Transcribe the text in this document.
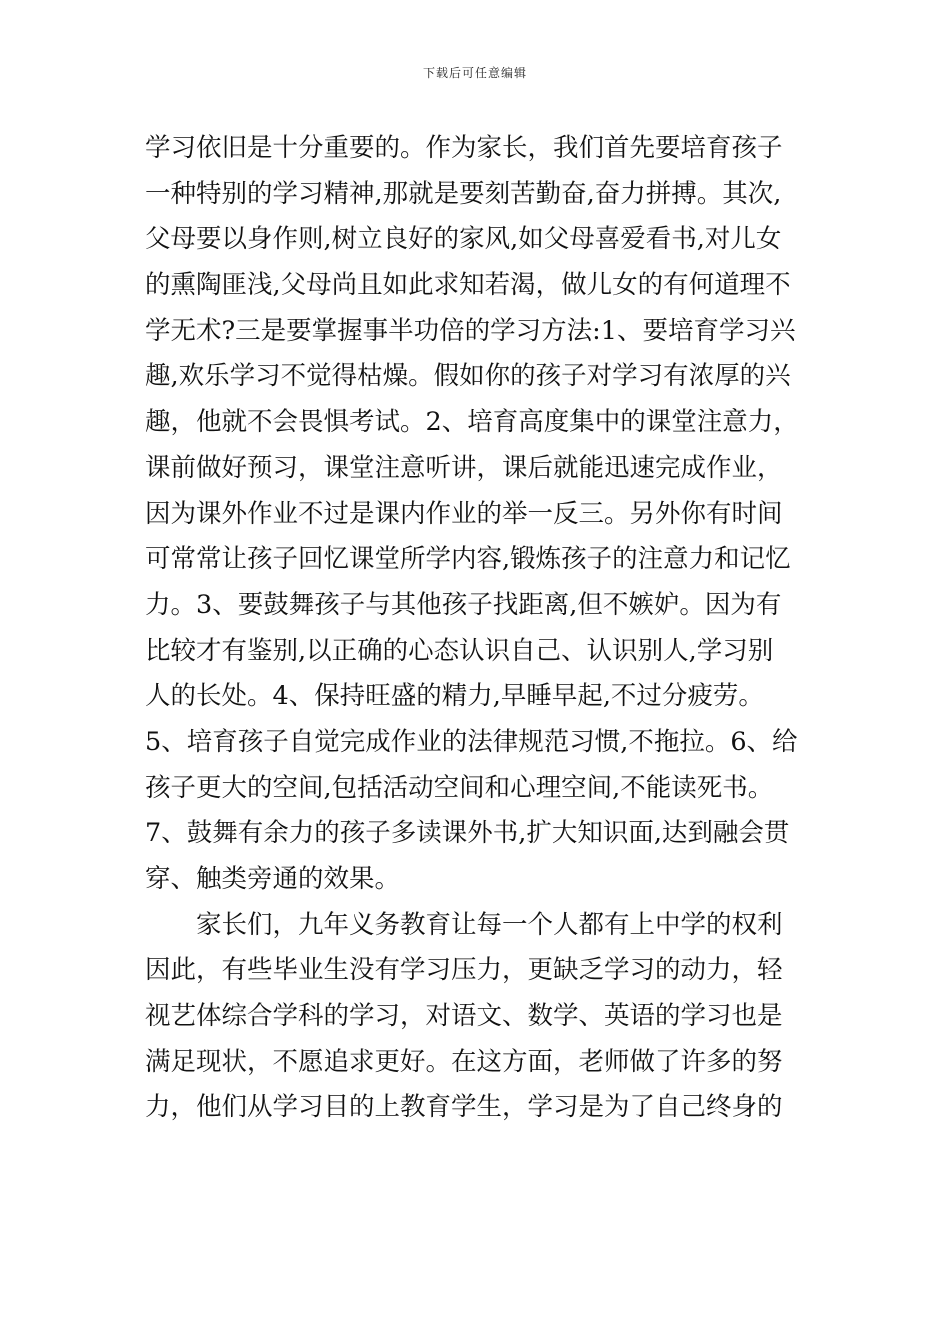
下载后可任意编辑
学习依旧是十分重要的。作为家长，我们首先要培育孩子
一种特别的学习精神,那就是要刻苦勤奋,奋力拼搏。其次,
父母要以身作则,树立良好的家风,如父母喜爱看书,对儿女
的熏陶匪浅,父母尚且如此求知若渴，做儿女的有何道理不
学无术?三是要掌握事半功倍的学习方法:1、要培育学习兴
趣,欢乐学习不觉得枯燥。假如你的孩子对学习有浓厚的兴
趣，他就不会畏惧考试。2、培育高度集中的课堂注意力，
课前做好预习，课堂注意听讲，课后就能迅速完成作业，
因为课外作业不过是课内作业的举一反三。另外你有时间
可常常让孩子回忆课堂所学内容,锻炼孩子的注意力和记忆
力。3、要鼓舞孩子与其他孩子找距离,但不嫉妒。因为有
比较才有鉴别,以正确的心态认识自己、认识别人,学习别
人的长处。4、保持旺盛的精力,早睡早起,不过分疲劳。
5、培育孩子自觉完成作业的法律规范习惯,不拖拉。6、给
孩子更大的空间,包括活动空间和心理空间,不能读死书。
7、鼓舞有余力的孩子多读课外书,扩大知识面,达到融会贯
穿、触类旁通的效果。
家长们，九年义务教育让每一个人都有上中学的权利
因此，有些毕业生没有学习压力，更缺乏学习的动力，轻
视艺体综合学科的学习，对语文、数学、英语的学习也是
满足现状，不愿追求更好。在这方面，老师做了许多的努
力，他们从学习目的上教育学生，学习是为了自己终身的
